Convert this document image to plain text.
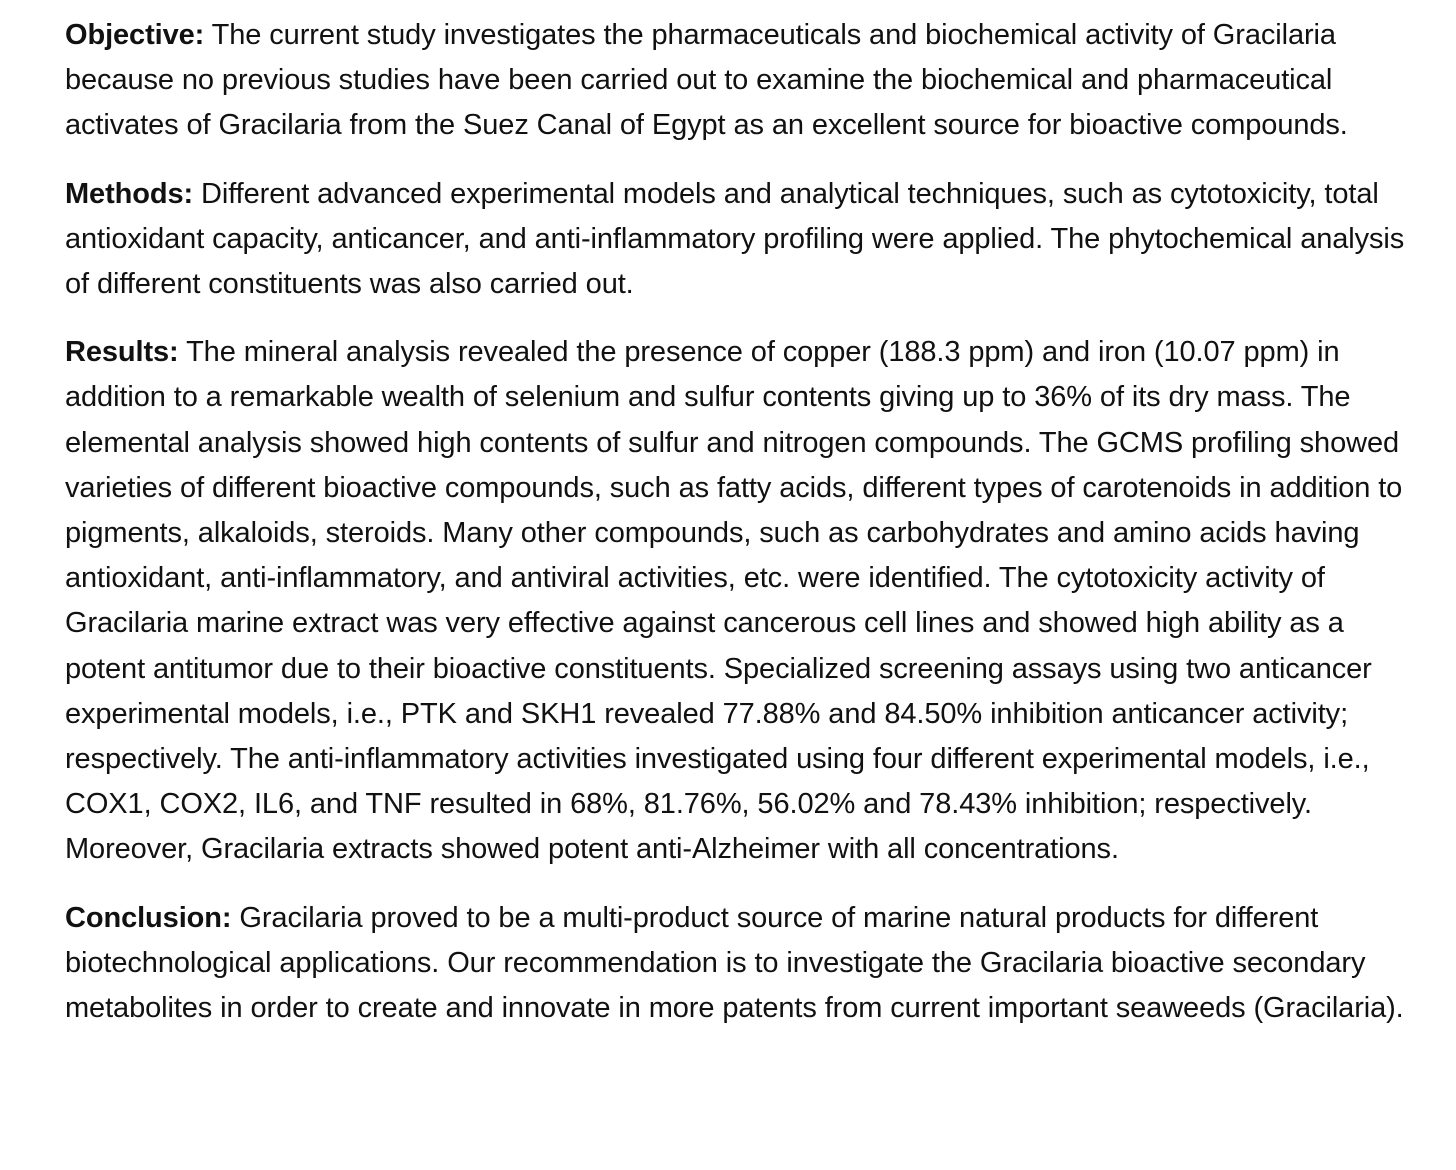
Objective: The current study investigates the pharmaceuticals and biochemical activity of Gracilaria because no previous studies have been carried out to examine the biochemical and pharmaceutical activates of Gracilaria from the Suez Canal of Egypt as an excellent source for bioactive compounds.

Methods: Different advanced experimental models and analytical techniques, such as cytotoxicity, total antioxidant capacity, anticancer, and anti-inflammatory profiling were applied. The phytochemical analysis of different constituents was also carried out.

Results: The mineral analysis revealed the presence of copper (188.3 ppm) and iron (10.07 ppm) in addition to a remarkable wealth of selenium and sulfur contents giving up to 36% of its dry mass. The elemental analysis showed high contents of sulfur and nitrogen compounds. The GCMS profiling showed varieties of different bioactive compounds, such as fatty acids, different types of carotenoids in addition to pigments, alkaloids, steroids. Many other compounds, such as carbohydrates and amino acids having antioxidant, anti-inflammatory, and antiviral activities, etc. were identified. The cytotoxicity activity of Gracilaria marine extract was very effective against cancerous cell lines and showed high ability as a potent antitumor due to their bioactive constituents. Specialized screening assays using two anticancer experimental models, i.e., PTK and SKH1 revealed 77.88% and 84.50% inhibition anticancer activity; respectively. The anti-inflammatory activities investigated using four different experimental models, i.e., COX1, COX2, IL6, and TNF resulted in 68%, 81.76%, 56.02% and 78.43% inhibition; respectively. Moreover, Gracilaria extracts showed potent anti-Alzheimer with all concentrations.

Conclusion: Gracilaria proved to be a multi-product source of marine natural products for different biotechnological applications. Our recommendation is to investigate the Gracilaria bioactive secondary metabolites in order to create and innovate in more patents from current important seaweeds (Gracilaria).
